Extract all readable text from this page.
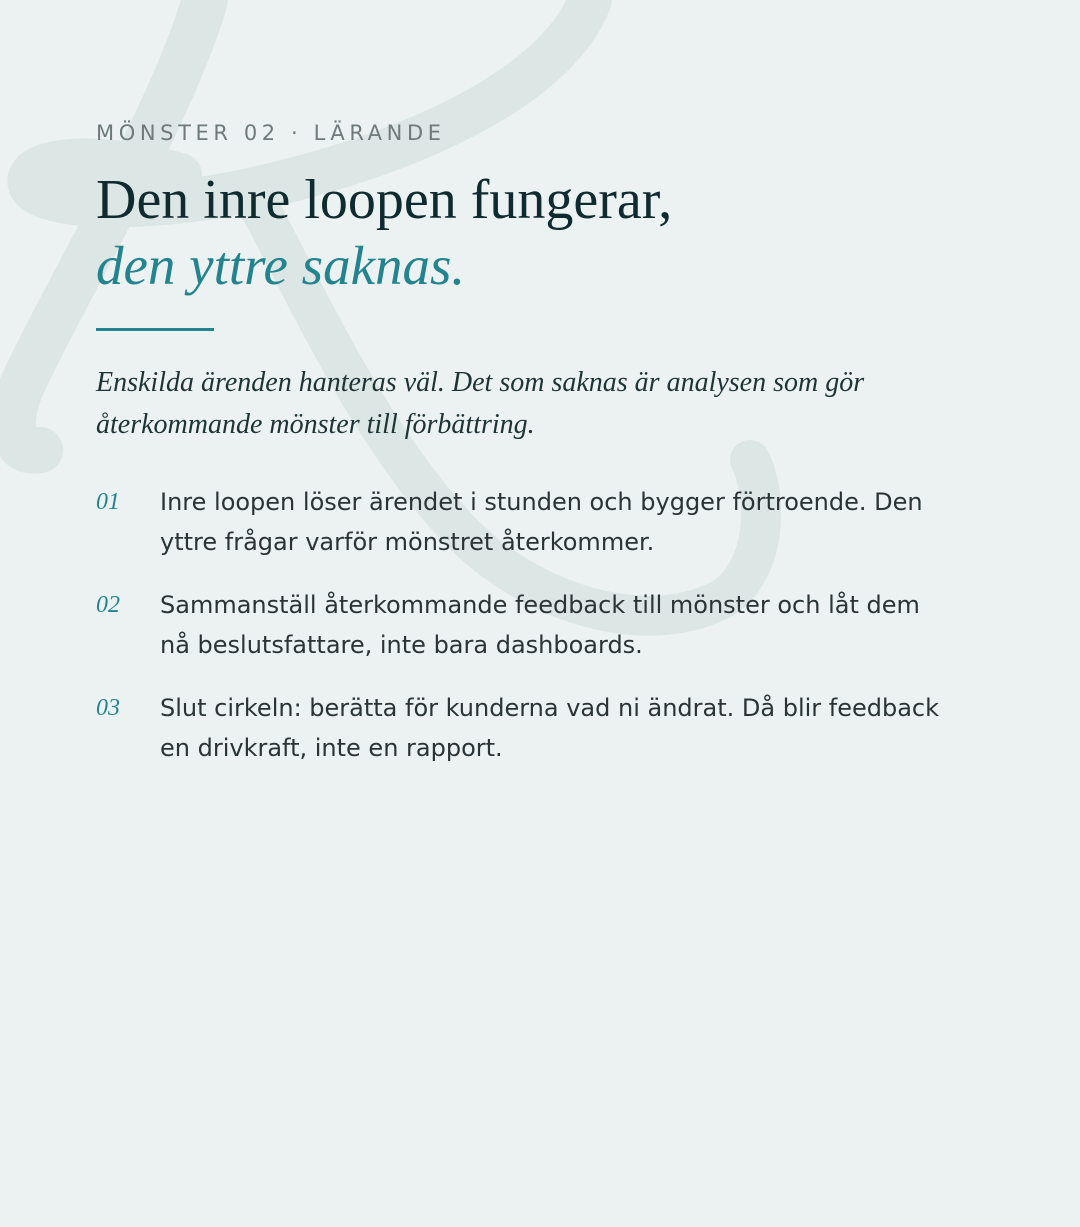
MÖNSTER 02 · LÄRANDE
Den inre loopen fungerar,
den yttre saknas.
Enskilda ärenden hanteras väl. Det som saknas är analysen som gör återkommande mönster till förbättring.
01 Inre loopen löser ärendet i stunden och bygger förtroende. Den yttre frågar varför mönstret återkommer.
02 Sammanställ återkommande feedback till mönster och låt dem nå beslutsfattare, inte bara dashboards.
03 Slut cirkeln: berätta för kunderna vad ni ändrat. Då blir feedback en drivkraft, inte en rapport.
